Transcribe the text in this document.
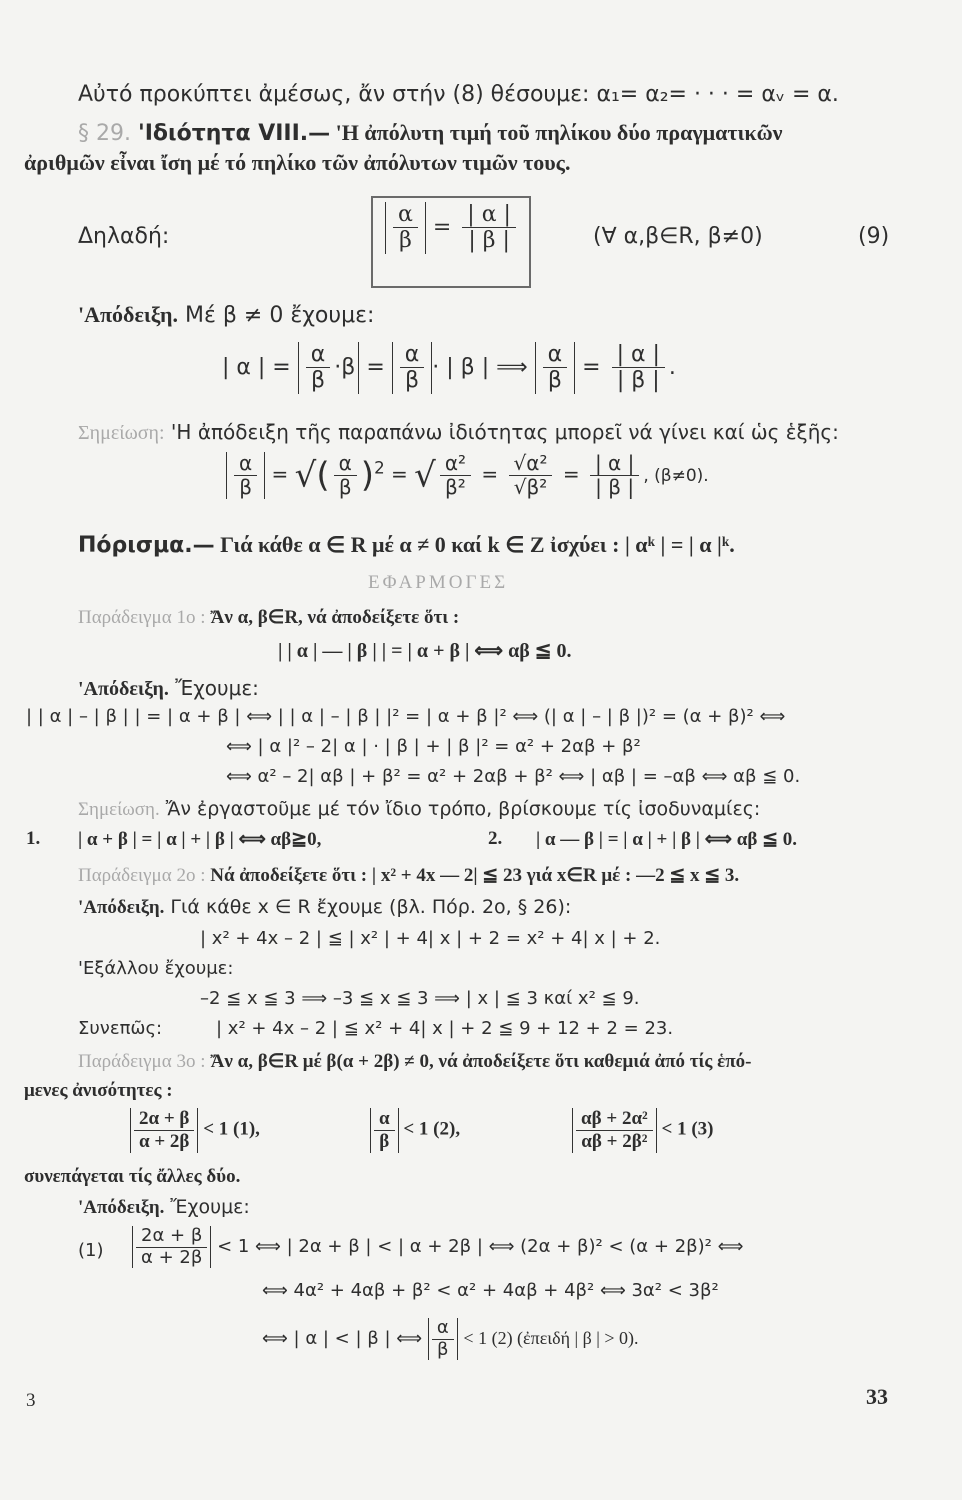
Αὐτό προκύπτει ἀμέσως, ἄν στήν (8) θέσουμε: α₁= α₂= · · · = αᵥ = α.
§ 29. 'Ιδιότητα VIII.— 'Η ἀπόλυτη τιμή τοῦ πηλίκου δύο πραγματικῶν
ἀριθμῶν εἶναι ἴση μέ τό πηλίκο τῶν ἀπόλυτων τιμῶν τους.
Δηλαδή:	$\frac{\alpha}{\beta} = \frac{| \alpha |}{| \beta |}$	(∀ α,β∈R, β≠0)	(9)
'Απόδειξη. Μέ β ≠ 0 ἔχουμε:
| α | = $\frac{\alpha}{\beta} \cdot\beta = \frac{\alpha}{\beta}$ · | β | ⟹ $\frac{\alpha}{\beta} = \frac{| \alpha |}{| \beta |}$ .
Σημείωση: 'Η ἀπόδειξη τῆς παραπάνω ἰδιότητας μπορεῖ νά γίνει καί ὡς ἑξῆς:
$\frac{\alpha}{\beta}$ = √( $\frac{\alpha}{\beta} )^2$ = √ $\frac{\text{α²}}{\text{β²}} = \frac{\text{√α²}}{\text{√β²}} = \frac{| \alpha |}{| \beta |}$ , (β≠0).
Πόρισμα.— Γιά κάθε α ∈ R μέ α ≠ 0 καί k ∈ Z ἰσχύει : | αᵏ | = | α |ᵏ.
ΕΦΑΡΜΟΓΕΣ
Παράδειγμα 1ο : Ἄν α, β∈R, νά ἀποδείξετε ὅτι :
| | α | — | β | | = | α + β | ⟺ αβ ≦ 0.
'Απόδειξη. Ἔχουμε:
| | α | – | β | | = | α + β | ⟺ | | α | – | β | |² = | α + β |² ⟺ (| α | – | β |)² = (α + β)² ⟺
⟺ | α |² – 2| α | · | β | + | β |² = α² + 2αβ + β²
⟺ α² – 2| αβ | + β² = α² + 2αβ + β² ⟺ | αβ | = –αβ ⟺ αβ ≦ 0.
Σημείωση. Ἄν ἐργαστοῦμε μέ τόν ἴδιο τρόπο, βρίσκουμε τίς ἰσοδυναμίες:
1. | α + β | = | α | + | β | ⟺ αβ≧0,	2. | α — β | = | α | + | β | ⟺ αβ ≦ 0.
Παράδειγμα 2ο : Νά ἀποδείξετε ὅτι : | x² + 4x — 2| ≦ 23 γιά x∈R μέ : —2 ≦ x ≦ 3.
'Απόδειξη. Γιά κάθε x ∈ R ἔχουμε (βλ. Πόρ. 2ο, § 26):
| x² + 4x – 2 | ≦ | x² | + 4| x | + 2 = x² + 4| x | + 2.
'Εξάλλου ἔχουμε:
–2 ≦ x ≦ 3 ⟹ –3 ≦ x ≦ 3 ⟹ | x | ≦ 3 καί x² ≦ 9.
Συνεπῶς:	| x² + 4x – 2 | ≦ x² + 4| x | + 2 ≦ 9 + 12 + 2 = 23.
Παράδειγμα 3ο : Ἄν α, β∈R μέ β(α + 2β) ≠ 0, νά ἀποδείξετε ὅτι καθεμιά ἀπό τίς ἑπό-
μενες ἀνισότητες :
$\frac{2\alpha + \beta}{\alpha + 2\beta} < 1$ (1),	$\frac{\alpha}{\beta} < 1$ (2),	$\frac{\text{αβ + 2α²}}{\text{αβ + 2β²}} < 1$ (3)
συνεπάγεται τίς ἄλλες δύο.
'Απόδειξη. Ἔχουμε:
$(1) \frac{2\alpha + \beta}{\alpha + 2\beta} < 1$ ⟺ | 2α + β | < | α + 2β | ⟺ (2α + β)² < (α + 2β)² ⟺
⟺ 4α² + 4αβ + β² < α² + 4αβ + 4β² ⟺ 3α² < 3β²
⟺ | α | < | β | ⟺ $\frac{\alpha}{\beta} < 1$ (2) (ἐπειδή | β | > 0).
3	33
